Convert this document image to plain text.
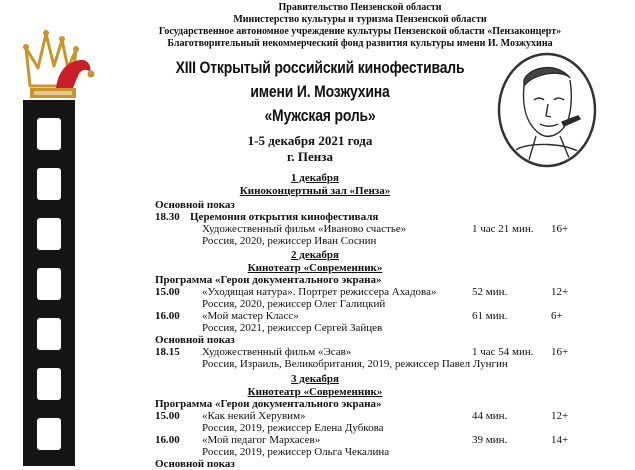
Правительство Пензенской области
Министерство культуры и туризма Пензенской области
Государственное автономное учреждение культуры Пензенской области «Пензаконцерт»
Благотворительный некоммерческий фонд развития культуры имени И. Мозжухина
XIII Открытый российский кинофестиваль
имени И. Мозжухина
«Мужская роль»
1-5 декабря 2021 года
г. Пенза
1 декабря
Киноконцертный зал «Пенза»
Основной показ
18.30 Церемония открытия кинофестиваля
Художественный фильм «Иваново счастье»	1 час 21 мин. 16+
Россия, 2020, режиссер Иван Соснин
2 декабря
Кинотеатр «Современник»
Программа «Герои документального экрана»
15.00 «Уходящая натура». Портрет режиссера Ахадова»	52 мин.	12+
Россия, 2020, режиссер Олег Галицкий
16.00 «Мой мастер Класс»	61 мин.	6+
Россия, 2021, режиссер Сергей Зайцев
Основной показ
18.15 Художественный фильм «Эсав»	1 час 54 мин. 16+
Россия, Израиль, Великобритания, 2019, режиссер Павел Лунгин
3 декабря
Кинотеатр «Современник»
Программа «Герои документального экрана»
15.00 «Как некий Херувим»	44 мин.	12+
Россия, 2019, режиссер Елена Дубкова
16.00 «Мой педагог Мархасев»	39 мин.	14+
Россия, 2019, режиссер Ольга Чекалина
Основной показ
